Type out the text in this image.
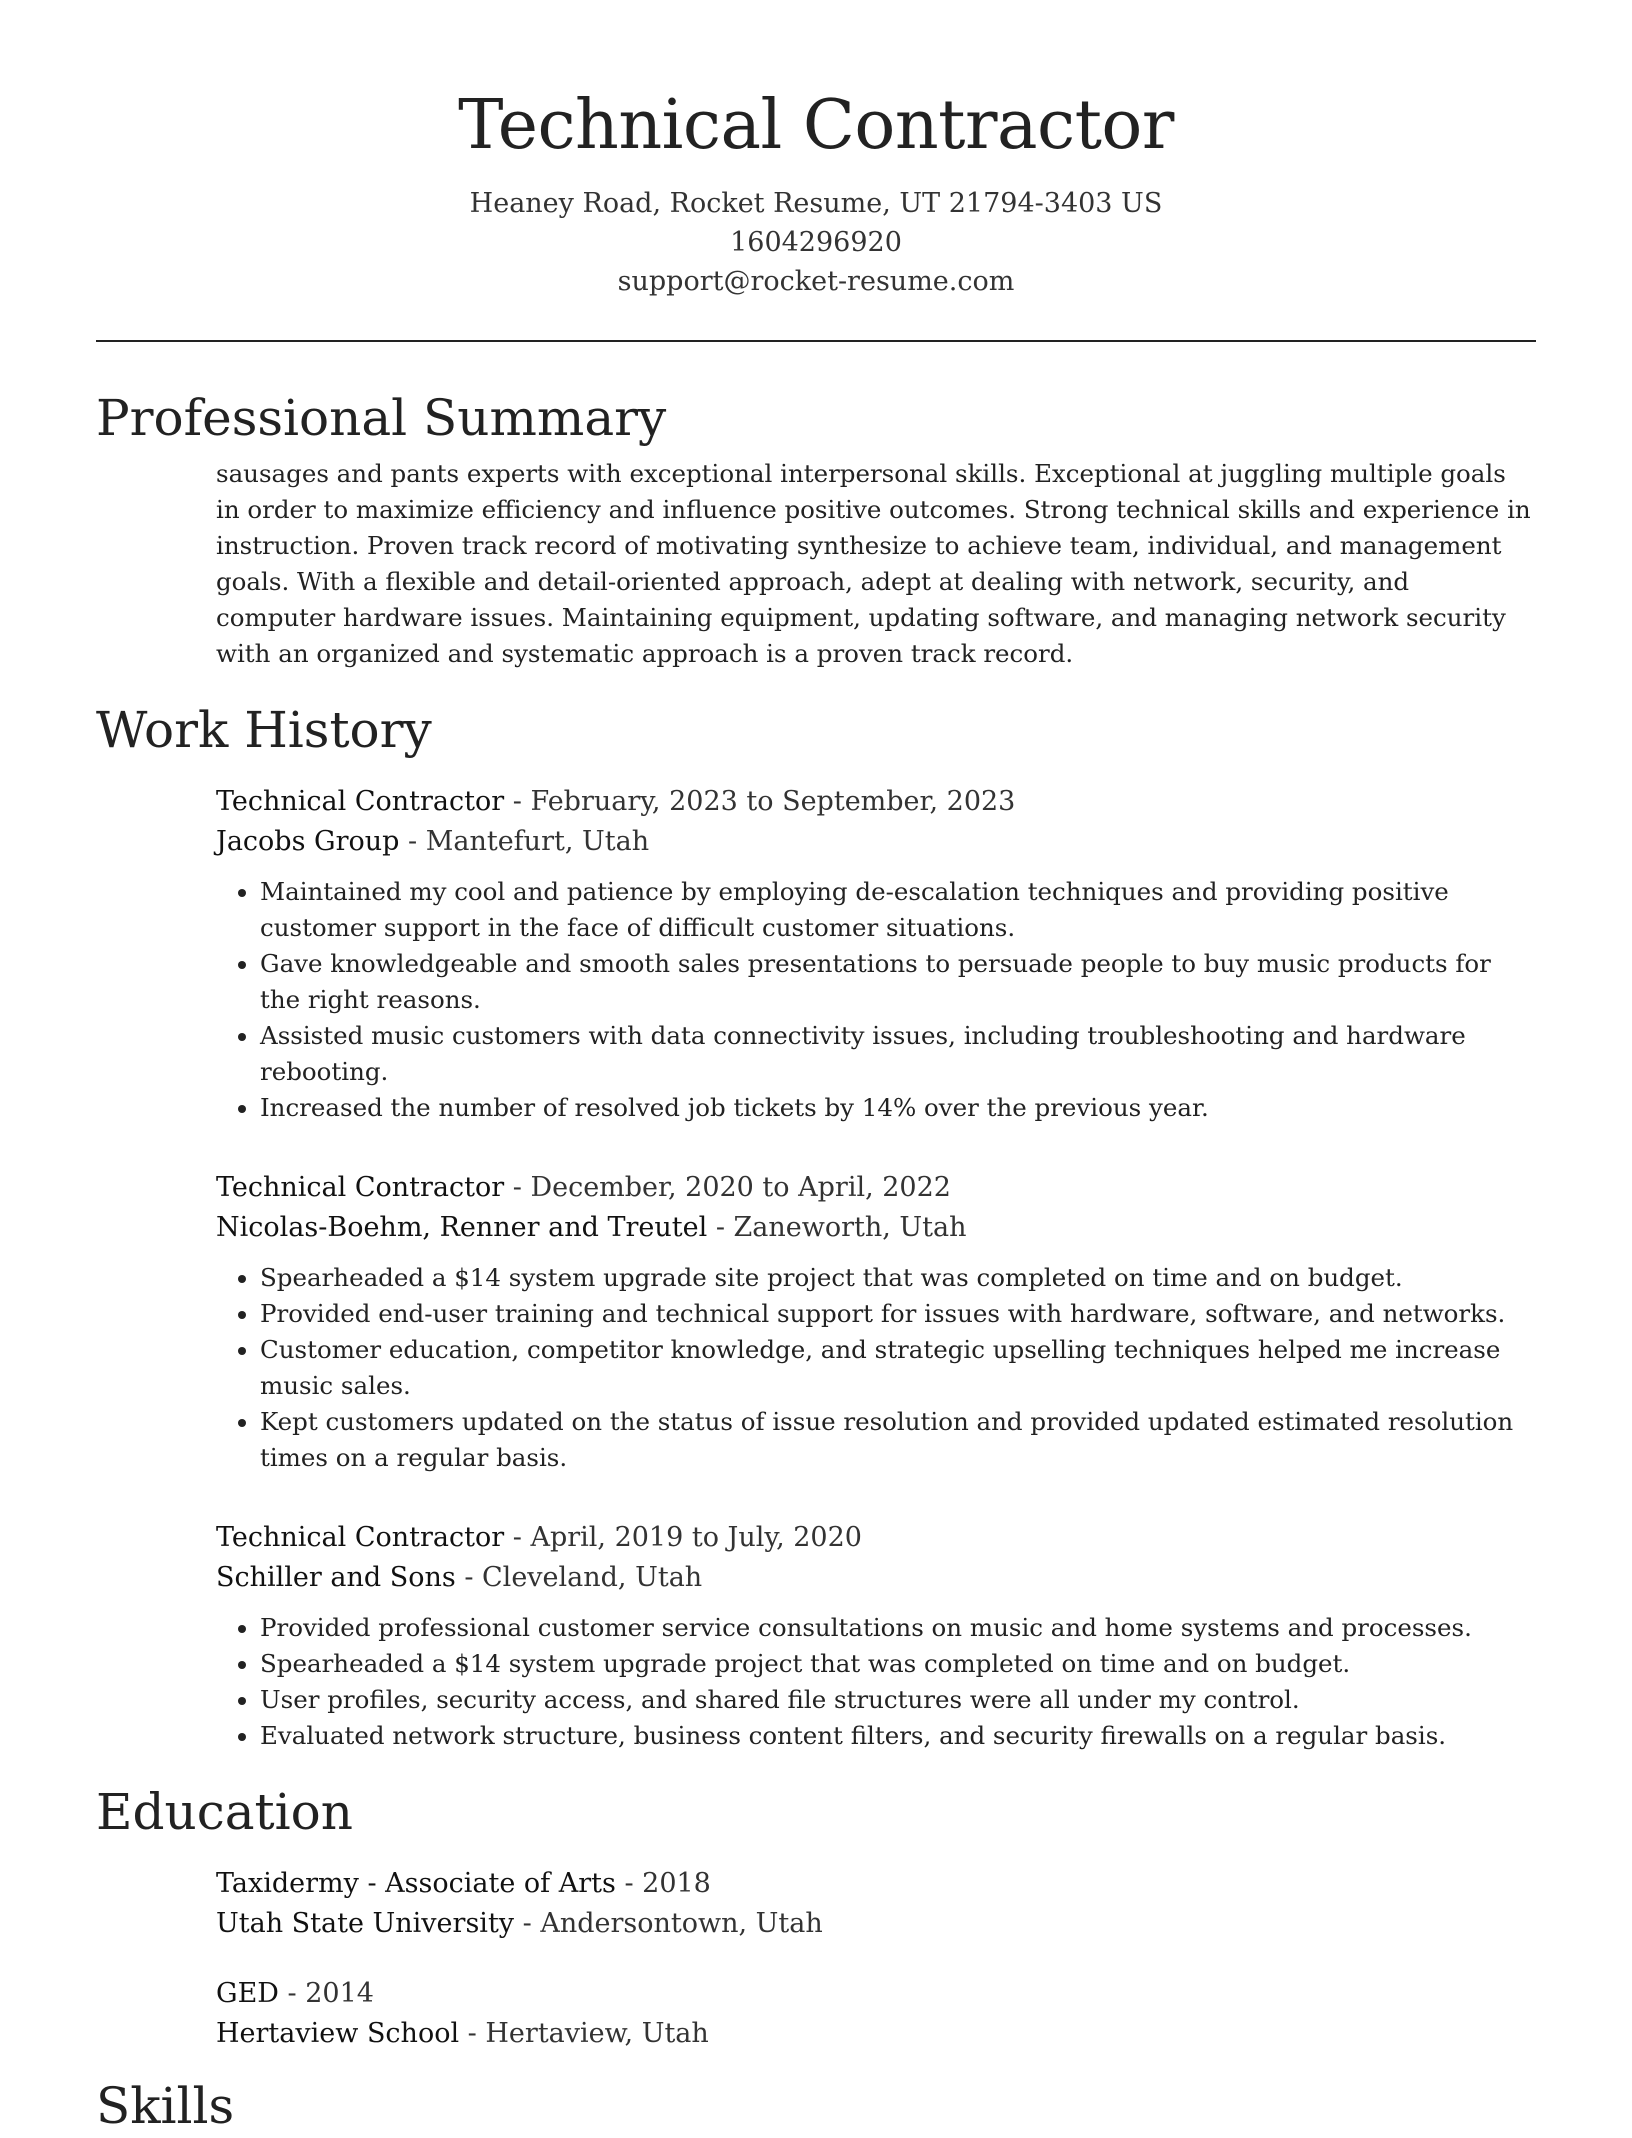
Technical Contractor
Heaney Road, Rocket Resume, UT 21794-3403 US
1604296920
support@rocket-resume.com
Professional Summary
sausages and pants experts with exceptional interpersonal skills. Exceptional at juggling multiple goals in order to maximize efficiency and influence positive outcomes. Strong technical skills and experience in instruction. Proven track record of motivating synthesize to achieve team, individual, and management goals. With a flexible and detail-oriented approach, adept at dealing with network, security, and computer hardware issues. Maintaining equipment, updating software, and managing network security with an organized and systematic approach is a proven track record.
Work History
Technical Contractor - February, 2023 to September, 2023
Jacobs Group - Mantefurt, Utah
• Maintained my cool and patience by employing de-escalation techniques and providing positive customer support in the face of difficult customer situations.
• Gave knowledgeable and smooth sales presentations to persuade people to buy music products for the right reasons.
• Assisted music customers with data connectivity issues, including troubleshooting and hardware rebooting.
• Increased the number of resolved job tickets by 14% over the previous year.
Technical Contractor - December, 2020 to April, 2022
Nicolas-Boehm, Renner and Treutel - Zaneworth, Utah
• Spearheaded a $14 system upgrade site project that was completed on time and on budget.
• Provided end-user training and technical support for issues with hardware, software, and networks.
• Customer education, competitor knowledge, and strategic upselling techniques helped me increase music sales.
• Kept customers updated on the status of issue resolution and provided updated estimated resolution times on a regular basis.
Technical Contractor - April, 2019 to July, 2020
Schiller and Sons - Cleveland, Utah
• Provided professional customer service consultations on music and home systems and processes.
• Spearheaded a $14 system upgrade project that was completed on time and on budget.
• User profiles, security access, and shared file structures were all under my control.
• Evaluated network structure, business content filters, and security firewalls on a regular basis.
Education
Taxidermy - Associate of Arts - 2018
Utah State University - Andersontown, Utah
GED - 2014
Hertaview School - Hertaview, Utah
Skills
